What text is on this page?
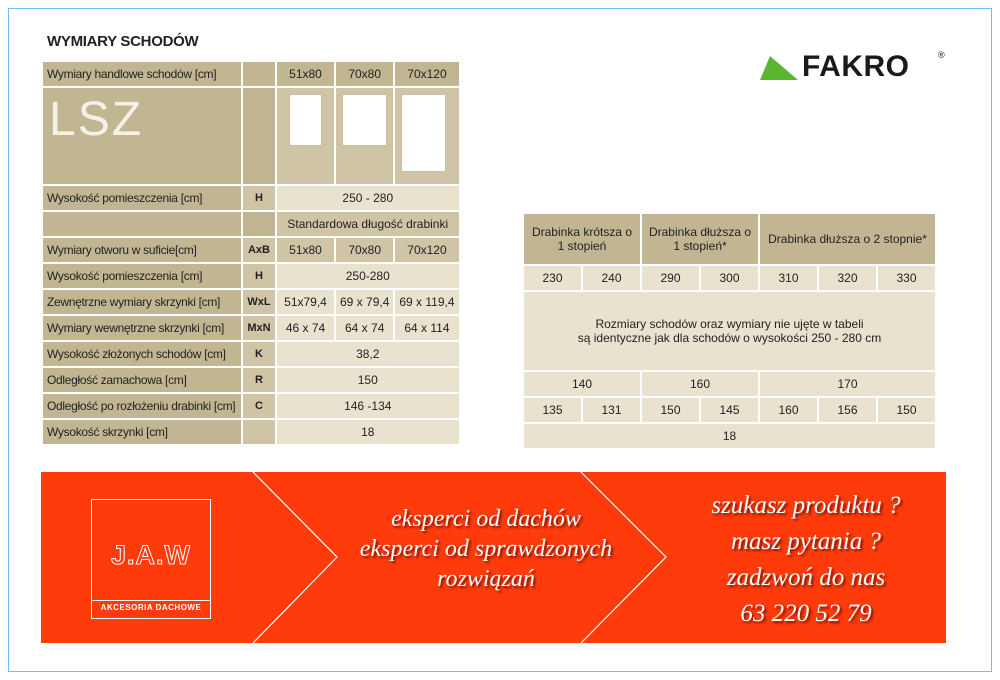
WYMIARY SCHODÓW
FAKRO	®
Wymiary handlowe schodów [cm]		51x80	70x80	70x120

LSZ				

Wysokość pomieszczenia [cm]	H	250 - 280		
		Standardowa długość drabinki		
Wymiary otworu w suficie[cm]	AxB	51x80	70x80	70x120
Wysokość pomieszczenia [cm]	H	250-280		
Zewnętrzne wymiary skrzynki [cm]	WxL	51x79,4	69 x 79,4	69 x 119,4
Wymiary wewnętrzne skrzynki [cm]	MxN	46 x 74	64 x 74	64 x 114
Wysokość złożonych schodów [cm]	K	38,2		
Odległość zamachowa [cm]	R	150		
Odległość po rozłożeniu drabinki [cm]	C	146 -134		
Wysokość skrzynki [cm]		18		
Drabinka krótsza o 1 stopień		Drabinka dłuższa o 1 stopień*		Drabinka dłuższa o 2 stopnie*		
230	240	290	300	310	320	330

Rozmiary schodów oraz wymiary nie ujęte w tabeli
są identyczne jak dla schodów o wysokości 250 - 280 cm						

140		160		170		
135	131	150	145	160	156	150
18						
J.A.W
AKCESORIA DACHOWE
eksperci od dachów
eksperci od sprawdzonych
rozwiązań
szukasz produktu ?
masz pytania ?
zadzwoń do nas
63 220 52 79
